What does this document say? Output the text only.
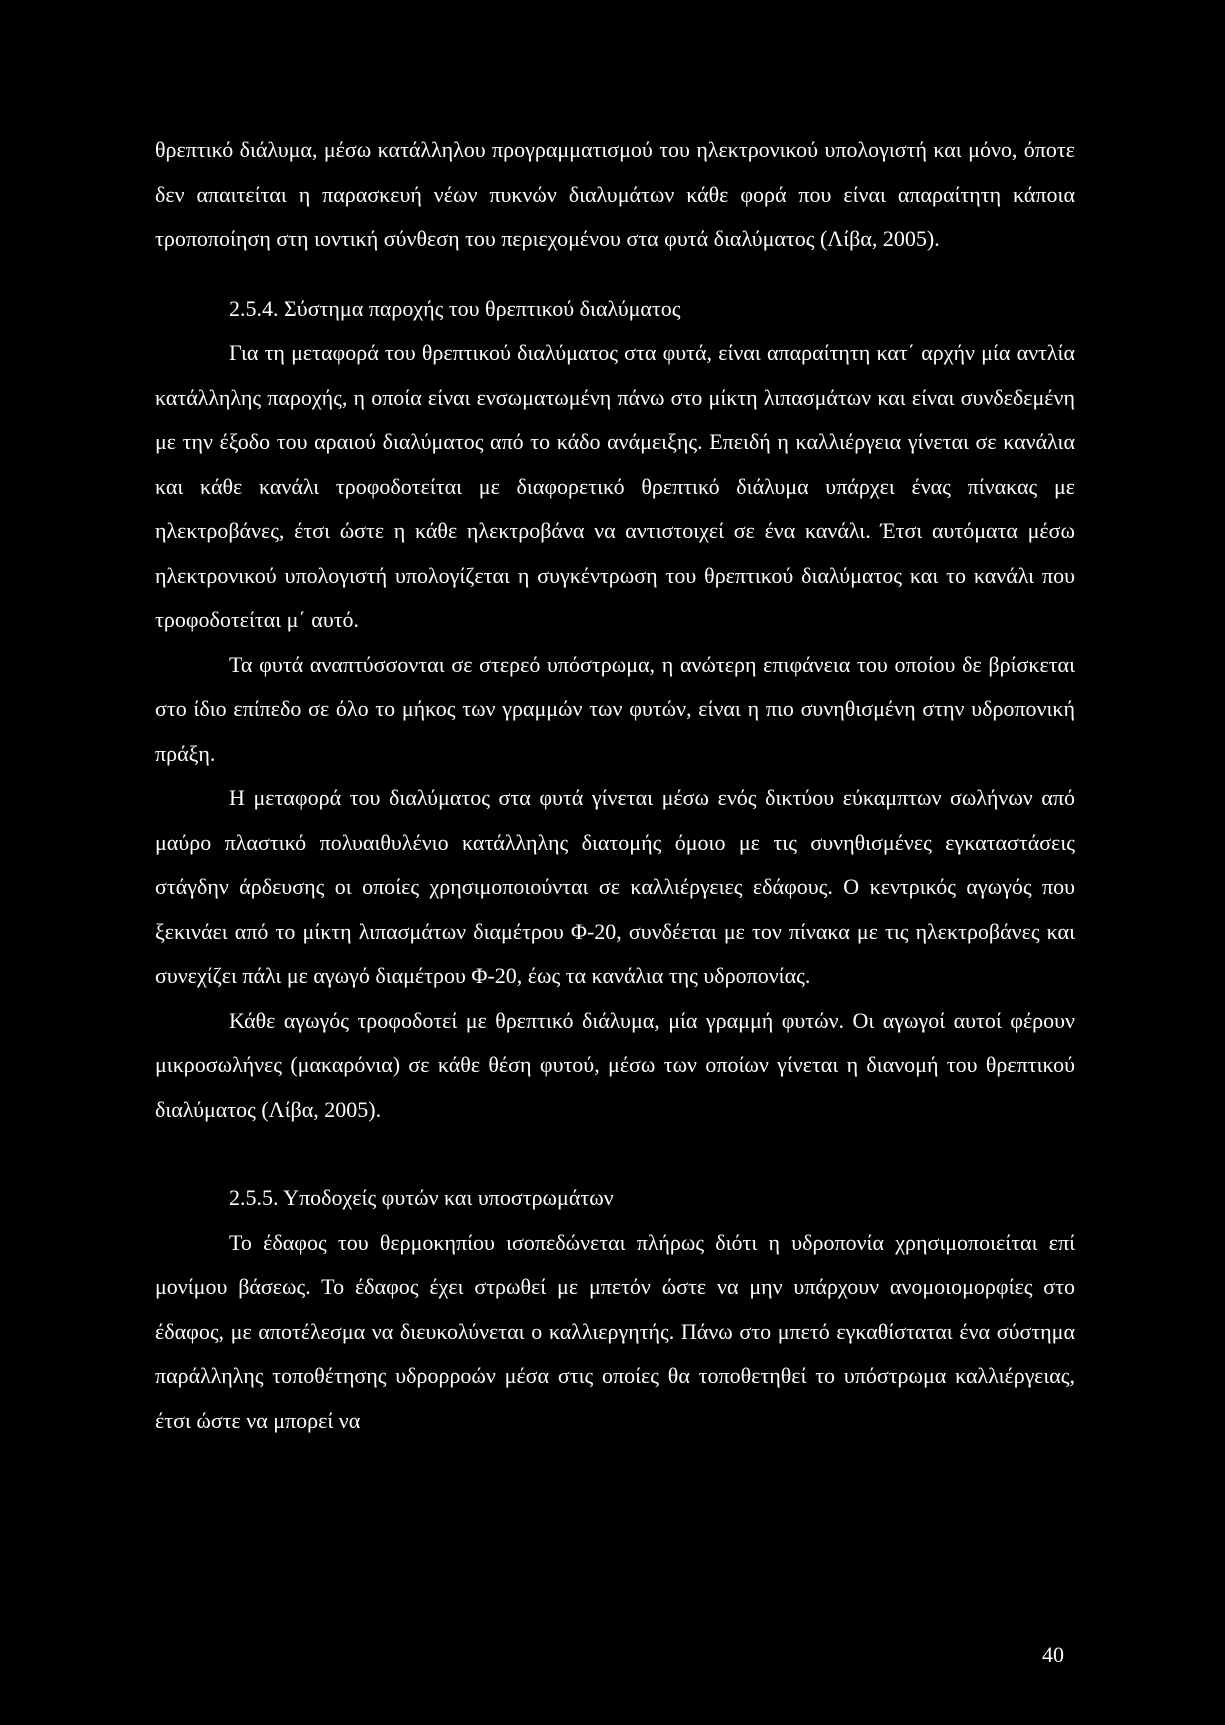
θρεπτικό διάλυμα, μέσω κατάλληλου προγραμματισμού του ηλεκτρονικού υπολογιστή και μόνο, όποτε δεν απαιτείται η παρασκευή νέων πυκνών διαλυμάτων κάθε φορά που είναι απαραίτητη κάποια τροποποίηση στη ιοντική σύνθεση του περιεχομένου στα φυτά διαλύματος (Λίβα, 2005).

2.5.4. Σύστημα παροχής του θρεπτικού διαλύματος

Για τη μεταφορά του θρεπτικού διαλύματος στα φυτά, είναι απαραίτητη κατ΄ αρχήν μία αντλία κατάλληλης παροχής, η οποία είναι ενσωματωμένη πάνω στο μίκτη λιπασμάτων και είναι συνδεδεμένη με την έξοδο του αραιού διαλύματος από το κάδο ανάμειξης. Επειδή η καλλιέργεια γίνεται σε κανάλια και κάθε κανάλι τροφοδοτείται με διαφορετικό θρεπτικό διάλυμα υπάρχει ένας πίνακας με ηλεκτροβάνες, έτσι ώστε η κάθε ηλεκτροβάνα να αντιστοιχεί σε ένα κανάλι. Έτσι αυτόματα μέσω ηλεκτρονικού υπολογιστή υπολογίζεται η συγκέντρωση του θρεπτικού διαλύματος και το κανάλι που τροφοδοτείται μ΄ αυτό.

Τα φυτά αναπτύσσονται σε στερεό υπόστρωμα, η ανώτερη επιφάνεια του οποίου δε βρίσκεται στο ίδιο επίπεδο σε όλο το μήκος των γραμμών των φυτών, είναι η πιο συνηθισμένη στην υδροπονική πράξη.

Η μεταφορά του διαλύματος στα φυτά γίνεται μέσω ενός δικτύου εύκαμπτων σωλήνων από μαύρο πλαστικό πολυαιθυλένιο κατάλληλης διατομής όμοιο με τις συνηθισμένες εγκαταστάσεις στάγδην άρδευσης οι οποίες χρησιμοποιούνται σε καλλιέργειες εδάφους. Ο κεντρικός αγωγός που ξεκινάει από το μίκτη λιπασμάτων διαμέτρου Φ-20, συνδέεται με τον πίνακα με τις ηλεκτροβάνες και συνεχίζει πάλι με αγωγό διαμέτρου Φ-20, έως τα κανάλια της υδροπονίας.

Κάθε αγωγός τροφοδοτεί με θρεπτικό διάλυμα, μία γραμμή φυτών. Οι αγωγοί αυτοί φέρουν μικροσωλήνες (μακαρόνια) σε κάθε θέση φυτού, μέσω των οποίων γίνεται η διανομή του θρεπτικού διαλύματος (Λίβα, 2005).

2.5.5. Υποδοχείς φυτών και υποστρωμάτων

Το έδαφος του θερμοκηπίου ισοπεδώνεται πλήρως διότι η υδροπονία χρησιμοποιείται επί μονίμου βάσεως. Το έδαφος έχει στρωθεί με μπετόν ώστε να μην υπάρχουν ανομοιομορφίες στο έδαφος, με αποτέλεσμα να διευκολύνεται ο καλλιεργητής. Πάνω στο μπετό εγκαθίσταται ένα σύστημα παράλληλης τοποθέτησης υδρορροών μέσα στις οποίες θα τοποθετηθεί το υπόστρωμα καλλιέργειας, έτσι ώστε να μπορεί να

40
